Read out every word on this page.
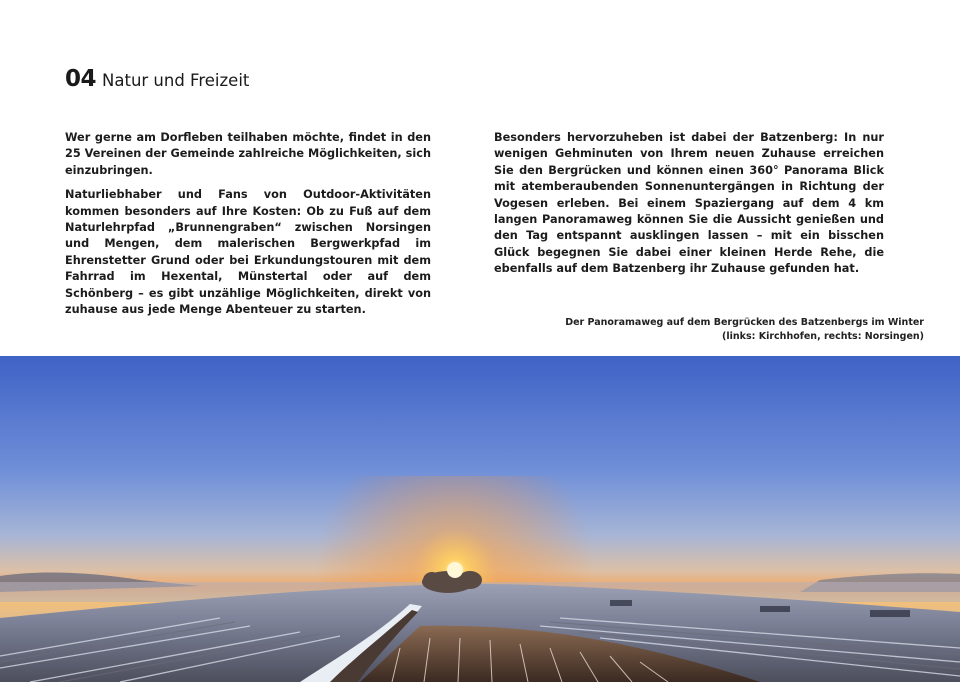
04 Natur und Freizeit

Wer gerne am Dorfleben teilhaben möchte, findet in den 25 Vereinen der Gemeinde zahlreiche Möglichkeiten, sich einzubringen.

Naturliebhaber und Fans von Outdoor-Aktivitäten kommen besonders auf Ihre Kosten: Ob zu Fuß auf dem Naturlehrpfad „Brunnengraben“ zwischen Norsingen und Mengen, dem malerischen Bergwerkpfad im Ehrenstetter Grund oder bei Erkundungstouren mit dem Fahrrad im Hexental, Münstertal oder auf dem Schönberg – es gibt unzählige Möglichkeiten, direkt von zuhause aus jede Menge Abenteuer zu starten.

Besonders hervorzuheben ist dabei der Batzenberg: In nur wenigen Gehminuten von Ihrem neuen Zuhause erreichen Sie den Bergrücken und können einen 360° Panorama Blick mit atemberaubenden Sonnenuntergängen in Richtung der Vogesen erleben. Bei einem Spaziergang auf dem 4 km langen Panoramaweg können Sie die Aussicht genießen und den Tag entspannt ausklingen lassen – mit ein bisschen Glück begegnen Sie dabei einer kleinen Herde Rehe, die ebenfalls auf dem Batzenberg ihr Zuhause gefunden hat.

Der Panoramaweg auf dem Bergrücken des Batzenbergs im Winter
(links: Kirchhofen, rechts: Norsingen)
